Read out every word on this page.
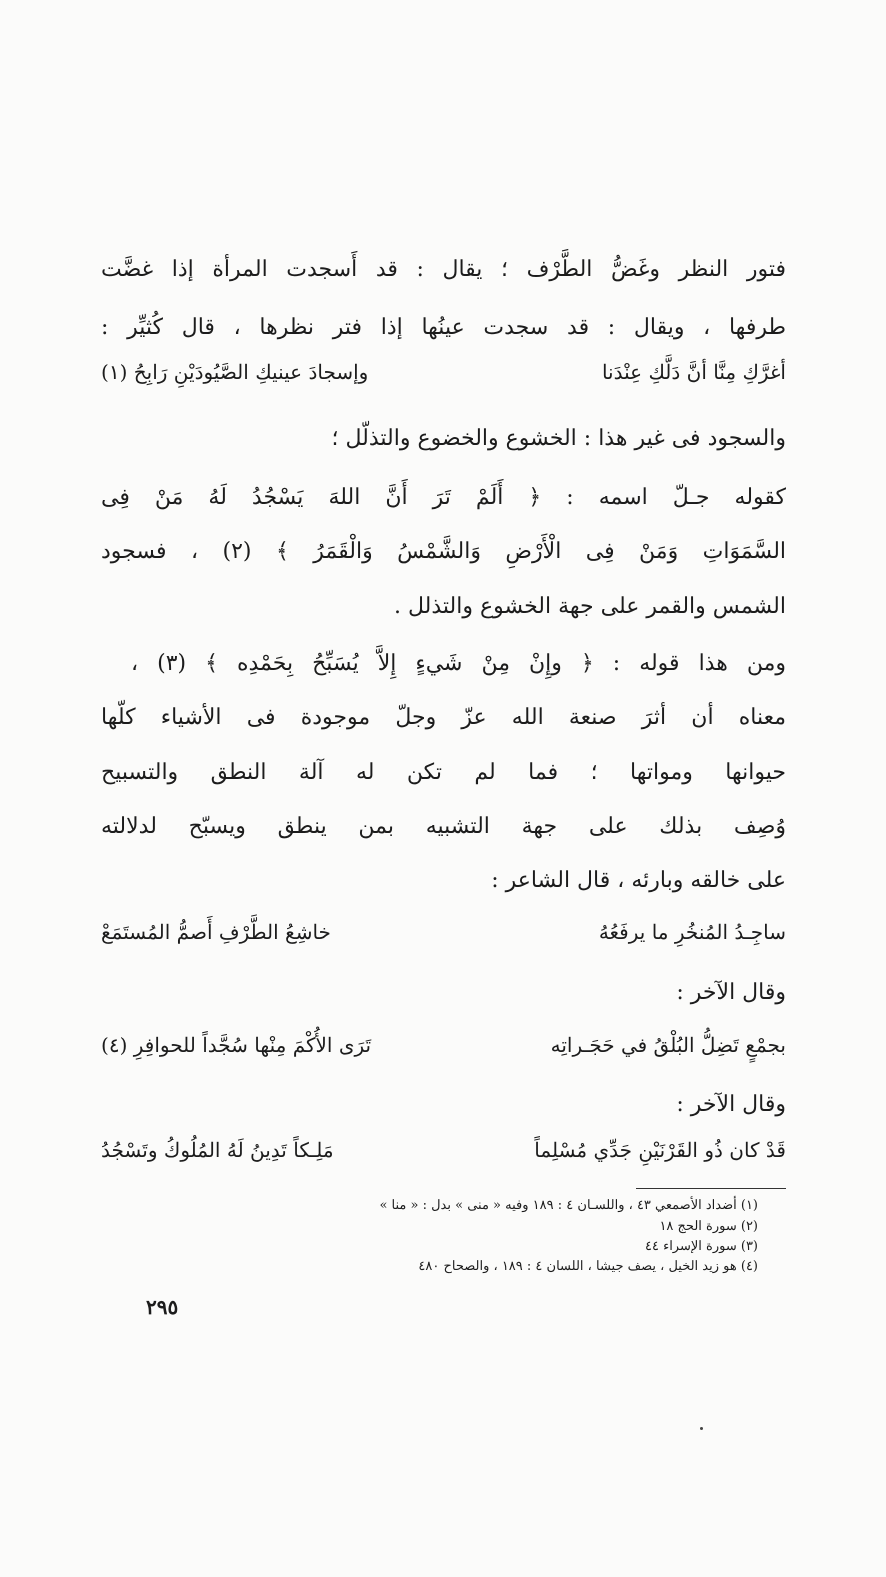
فتور النظر وغَضُّ الطَّرْف ؛ يقال : قد أَسجدت المرأة إذا غضَّت
طرفها ، ويقال : قد سجدت عينُها إذا فتر نظرها ، قال كُثيِّر :
أغرَّكِ مِنَّا أنَّ دَلَّكِ عِنْدَنا
وإسجادَ عينيكِ الصَّيُودَيْنِ رَابِحُ (١)
والسجود فى غير هذا : الخشوع والخضوع والتذلّل ؛
كقوله جـلّ اسمه : ﴿ أَلَمْ تَرَ أَنَّ اللهَ يَسْجُدُ لَهُ مَنْ فِى
السَّمَوَاتِ وَمَنْ فِى الْأَرْضِ وَالشَّمْسُ وَالْقَمَرُ ﴾ (٢) ، فسجود
الشمس والقمر على جهة الخشوع والتذلل .
ومن هذا قوله : ﴿ وإِنْ مِنْ شَيءٍ إِلاَّ يُسَبِّحُ بِحَمْدِه ﴾ (٣) ،
معناه أن أثرَ صنعة الله عزّ وجلّ موجودة فى الأشياء كلّها
حيوانها ومواتها ؛ فما لم تكن له آلة النطق والتسبيح
وُصِف بذلك على جهة التشبيه بمن ينطق ويسبّح لدلالته
على خالقه وبارئه ، قال الشاعر :
ساجِـدُ المُنخُرِ ما يرفَعُهُ
خاشِعُ الطَّرْفِ أَصمُّ المُستَمَعْ
وقال الآخر :
بجمْعٍ تَضِلُّ البُلْقُ في حَجَـراتِه
تَرَى الأُكْمَ مِنْها سُجَّداً للحوافِرِ (٤)
وقال الآخر :
قَدْ كان ذُو القَرْنَيْنِ جَدِّي مُسْلِماً
مَلِـكاً تَدِينُ لَهُ المُلُوكُ وتَسْجُدُ
(١) أضداد الأصمعي ٤٣ ، واللسـان ٤ : ١٨٩ وفيه « منى » بدل : « منا »
(٢) سورة الحج ١٨
(٣) سورة الإسراء ٤٤
(٤) هو زيد الخيل ، يصف جيشا ، اللسان ٤ : ١٨٩ ، والصحاح ٤٨٠
٢٩٥
